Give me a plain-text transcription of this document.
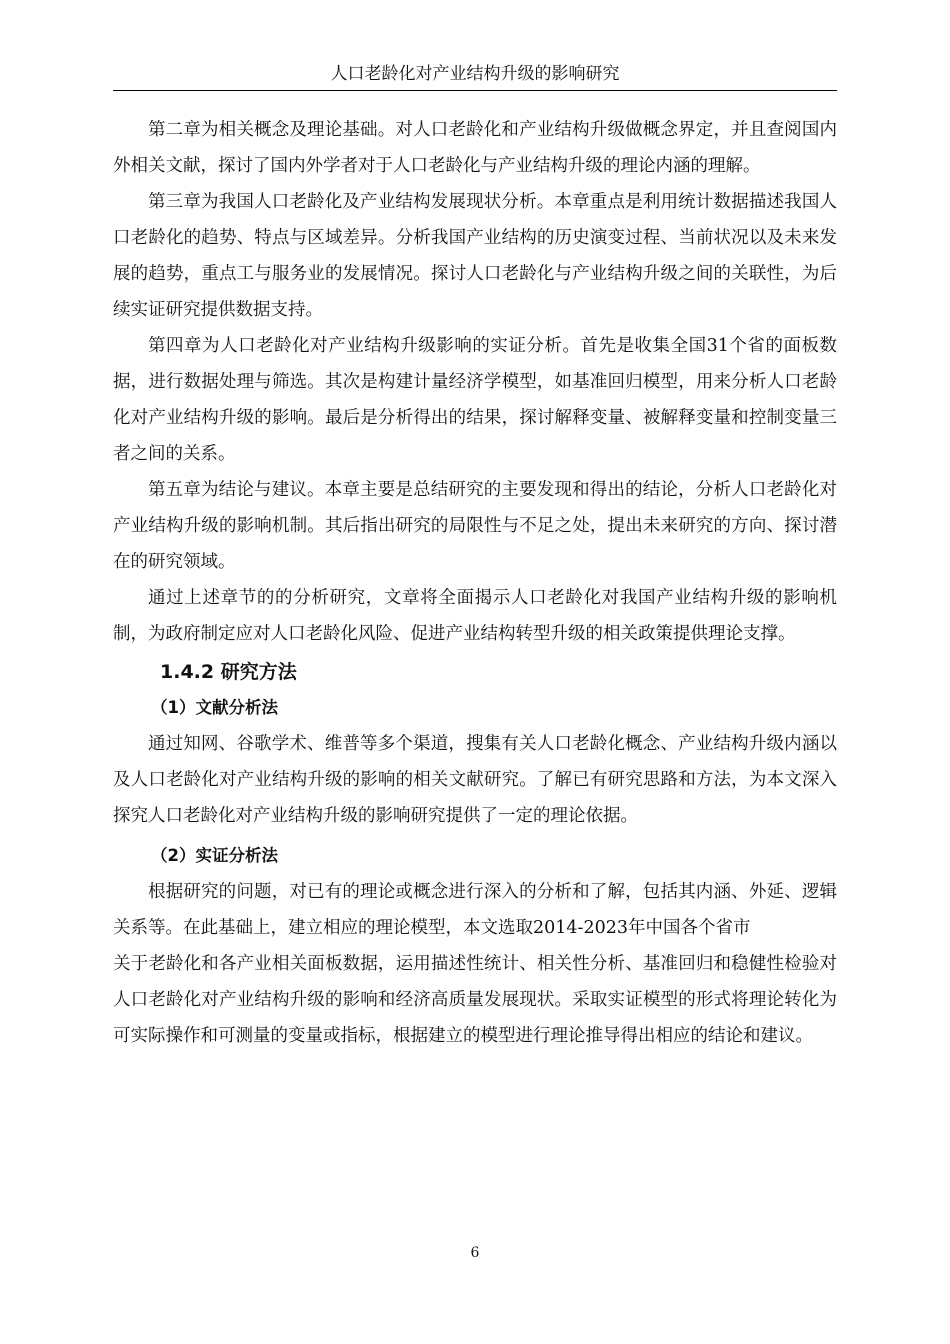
人口老龄化对产业结构升级的影响研究

第二章为相关概念及理论基础。对人口老龄化和产业结构升级做概念界定，并且查阅国内外相关文献，探讨了国内外学者对于人口老龄化与产业结构升级的理论内涵的理解。

第三章为我国人口老龄化及产业结构发展现状分析。本章重点是利用统计数据描述我国人口老龄化的趋势、特点与区域差异。分析我国产业结构的历史演变过程、当前状况以及未来发展的趋势，重点工与服务业的发展情况。探讨人口老龄化与产业结构升级之间的关联性，为后续实证研究提供数据支持。

第四章为人口老龄化对产业结构升级影响的实证分析。首先是收集全国31个省的面板数据，进行数据处理与筛选。其次是构建计量经济学模型，如基准回归模型，用来分析人口老龄化对产业结构升级的影响。最后是分析得出的结果，探讨解释变量、被解释变量和控制变量三者之间的关系。

第五章为结论与建议。本章主要是总结研究的主要发现和得出的结论，分析人口老龄化对产业结构升级的影响机制。其后指出研究的局限性与不足之处，提出未来研究的方向、探讨潜在的研究领域。

通过上述章节的的分析研究，文章将全面揭示人口老龄化对我国产业结构升级的影响机制，为政府制定应对人口老龄化风险、促进产业结构转型升级的相关政策提供理论支撑。

1.4.2 研究方法
（1）文献分析法

通过知网、谷歌学术、维普等多个渠道，搜集有关人口老龄化概念、产业结构升级内涵以及人口老龄化对产业结构升级的影响的相关文献研究。了解已有研究思路和方法，为本文深入探究人口老龄化对产业结构升级的影响研究提供了一定的理论依据。

（2）实证分析法

根据研究的问题，对已有的理论或概念进行深入的分析和了解，包括其内涵、外延、逻辑关系等。在此基础上，建立相应的理论模型，本文选取2014-2023年中国各个省市

关于老龄化和各产业相关面板数据，运用描述性统计、相关性分析、基准回归和稳健性检验对人口老龄化对产业结构升级的影响和经济高质量发展现状。采取实证模型的形式将理论转化为可实际操作和可测量的变量或指标，根据建立的模型进行理论推导得出相应的结论和建议。

6
